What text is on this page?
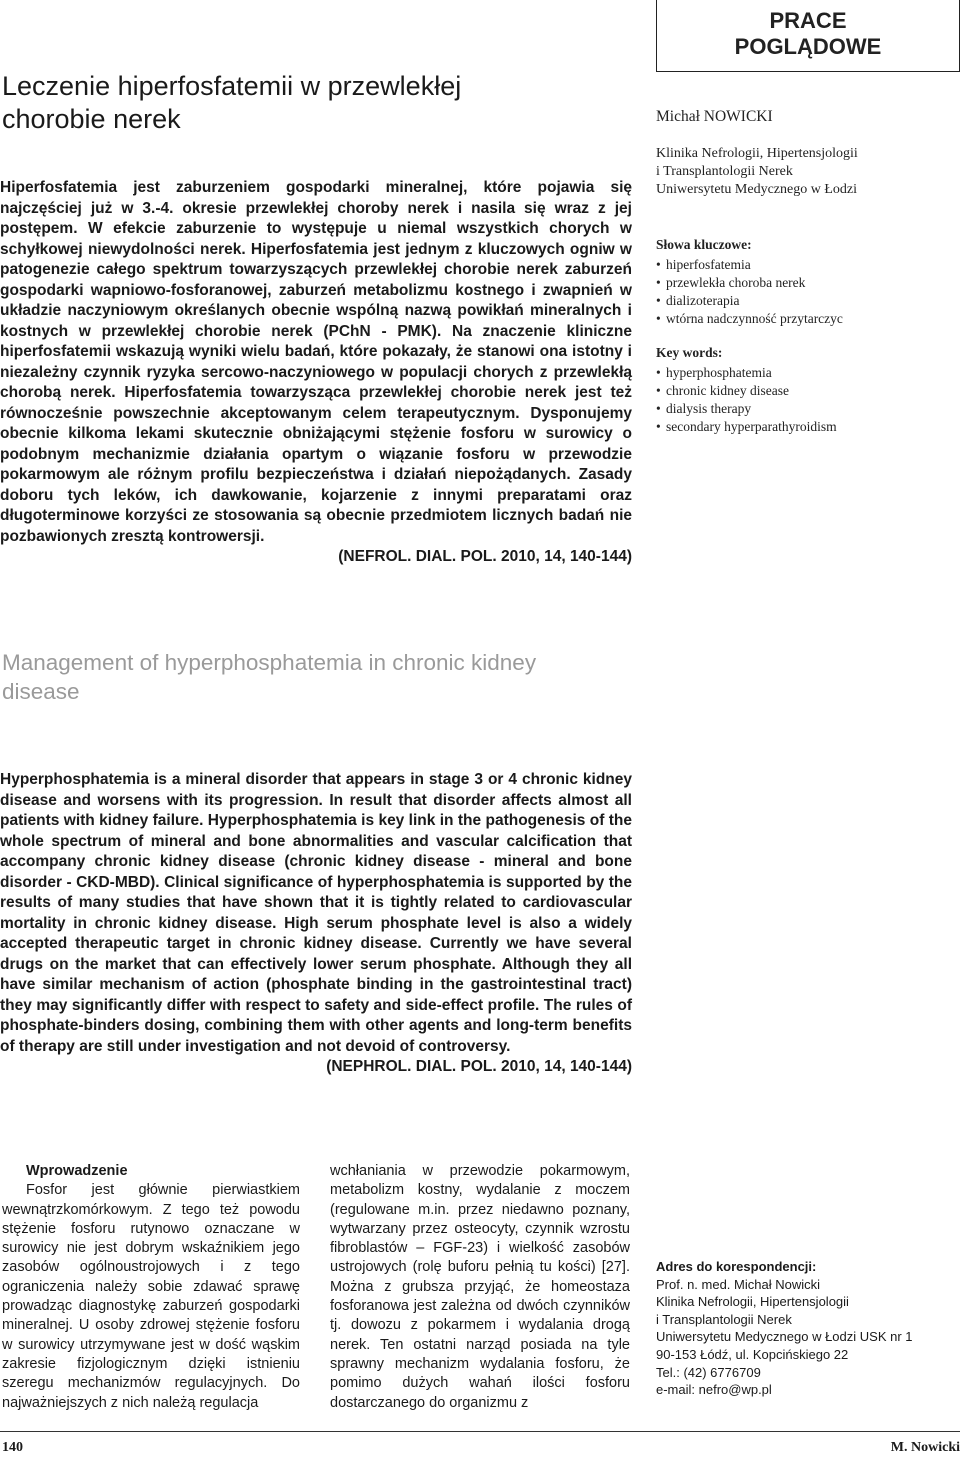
PRACE
POGLĄDOWE
Leczenie hiperfosfatemii w przewlekłej
chorobie nerek

Hiperfosfatemia jest zaburzeniem gospodarki mineralnej, które pojawia się najczęściej już w 3.-4. okresie przewlekłej choroby nerek i nasila się wraz z jej postępem. W efekcie zaburzenie to występuje u niemal wszystkich chorych w schyłkowej niewydolności nerek. Hiperfosfatemia jest jednym z kluczowych ogniw w patogenezie całego spektrum towarzyszących przewlekłej chorobie nerek zaburzeń gospodarki wapniowo-fosforanowej, zaburzeń metabolizmu kostnego i zwapnień w układzie naczyniowym określanych obecnie wspólną nazwą powikłań mineralnych i kostnych w przewlekłej chorobie nerek (PChN - PMK). Na znaczenie kliniczne hiperfosfatemii wskazują wyniki wielu badań, które pokazały, że stanowi ona istotny i niezależny czynnik ryzyka sercowo-naczyniowego w populacji chorych z przewlekłą chorobą nerek. Hiperfosfatemia towarzysząca przewlekłej chorobie nerek jest też równocześnie powszechnie akceptowanym celem terapeutycznym. Dysponujemy obecnie kilkoma lekami skutecznie obniżającymi stężenie fosforu w surowicy o podobnym mechanizmie działania opartym o wiązanie fosforu w przewodzie pokarmowym ale różnym profilu bezpieczeństwa i działań niepożądanych. Zasady doboru tych leków, ich dawkowanie, kojarzenie z innymi preparatami oraz długoterminowe korzyści ze stosowania są obecnie przedmiotem licznych badań nie pozbawionych zresztą kontrowersji.

(NEFROL. DIAL. POL. 2010, 14, 140-144)
Management of hyperphosphatemia in chronic kidney
disease

Hyperphosphatemia is a mineral disorder that appears in stage 3 or 4 chronic kidney disease and worsens with its progression. In result that disorder affects almost all patients with kidney failure. Hyperphosphatemia is key link in the pathogenesis of the whole spectrum of mineral and bone abnormalities and vascular calcification that accompany chronic kidney disease (chronic kidney disease - mineral and bone disorder - CKD-MBD). Clinical significance of hyperphosphatemia is supported by the results of many studies that have shown that it is tightly related to cardiovascular mortality in chronic kidney disease. High serum phosphate level is also a widely accepted therapeutic target in chronic kidney disease. Currently we have several drugs on the market that can effectively lower serum phosphate. Although they all have similar mechanism of action (phosphate binding in the gastrointestinal tract) they may significantly differ with respect to safety and side-effect profile. The rules of phosphate-binders dosing, combining them with other agents and long-term benefits of therapy are still under investigation and not devoid of controversy.

(NEPHROL. DIAL. POL. 2010, 14, 140-144)
Michał NOWICKI
Klinika Nefrologii, Hipertensjologii
i Transplantologii Nerek
Uniwersytetu Medycznego w Łodzi
Słowa kluczowe:
• hiperfosfatemia
• przewlekła choroba nerek
• dializoterapia
• wtórna nadczynność przytarczyc
Key words:
• hyperphosphatemia
• chronic kidney disease
• dialysis therapy
• secondary hyperparathyroidism
Wprowadzenie

Fosfor jest głównie pierwiastkiem wewnątrzkomórkowym. Z tego też powodu stężenie fosforu rutynowo oznaczane w surowicy nie jest dobrym wskaźnikiem jego zasobów ogólnoustrojowych i z tego ograniczenia należy sobie zdawać sprawę prowadząc diagnostykę zaburzeń gospodarki mineralnej. U osoby zdrowej stężenie fosforu w surowicy utrzymywane jest w dość wąskim zakresie fizjologicznym dzięki istnieniu szeregu mechanizmów regulacyjnych. Do najważniejszych z nich należą regulacja

wchłaniania w przewodzie pokarmowym, metabolizm kostny, wydalanie z moczem (regulowane m.in. przez niedawno poznany, wytwarzany przez osteocyty, czynnik wzrostu fibroblastów – FGF-23) i wielkość zasobów ustrojowych (rolę buforu pełnią tu kości) [27]. Można z grubsza przyjąć, że homeostaza fosforanowa jest zależna od dwóch czynników tj. dowozu z pokarmem i wydalania drogą nerek. Ten ostatni narząd posiada na tyle sprawny mechanizm wydalania fosforu, że pomimo dużych wahań ilości fosforu dostarczanego do organizmu z

Adres do korespondencji:
Prof. n. med. Michał Nowicki
Klinika Nefrologii, Hipertensjologii
i Transplantologii Nerek
Uniwersytetu Medycznego w Łodzi USK nr 1
90-153 Łódź, ul. Kopcińskiego 22
Tel.: (42) 6776709
e-mail: nefro@wp.pl
140	M. Nowicki
